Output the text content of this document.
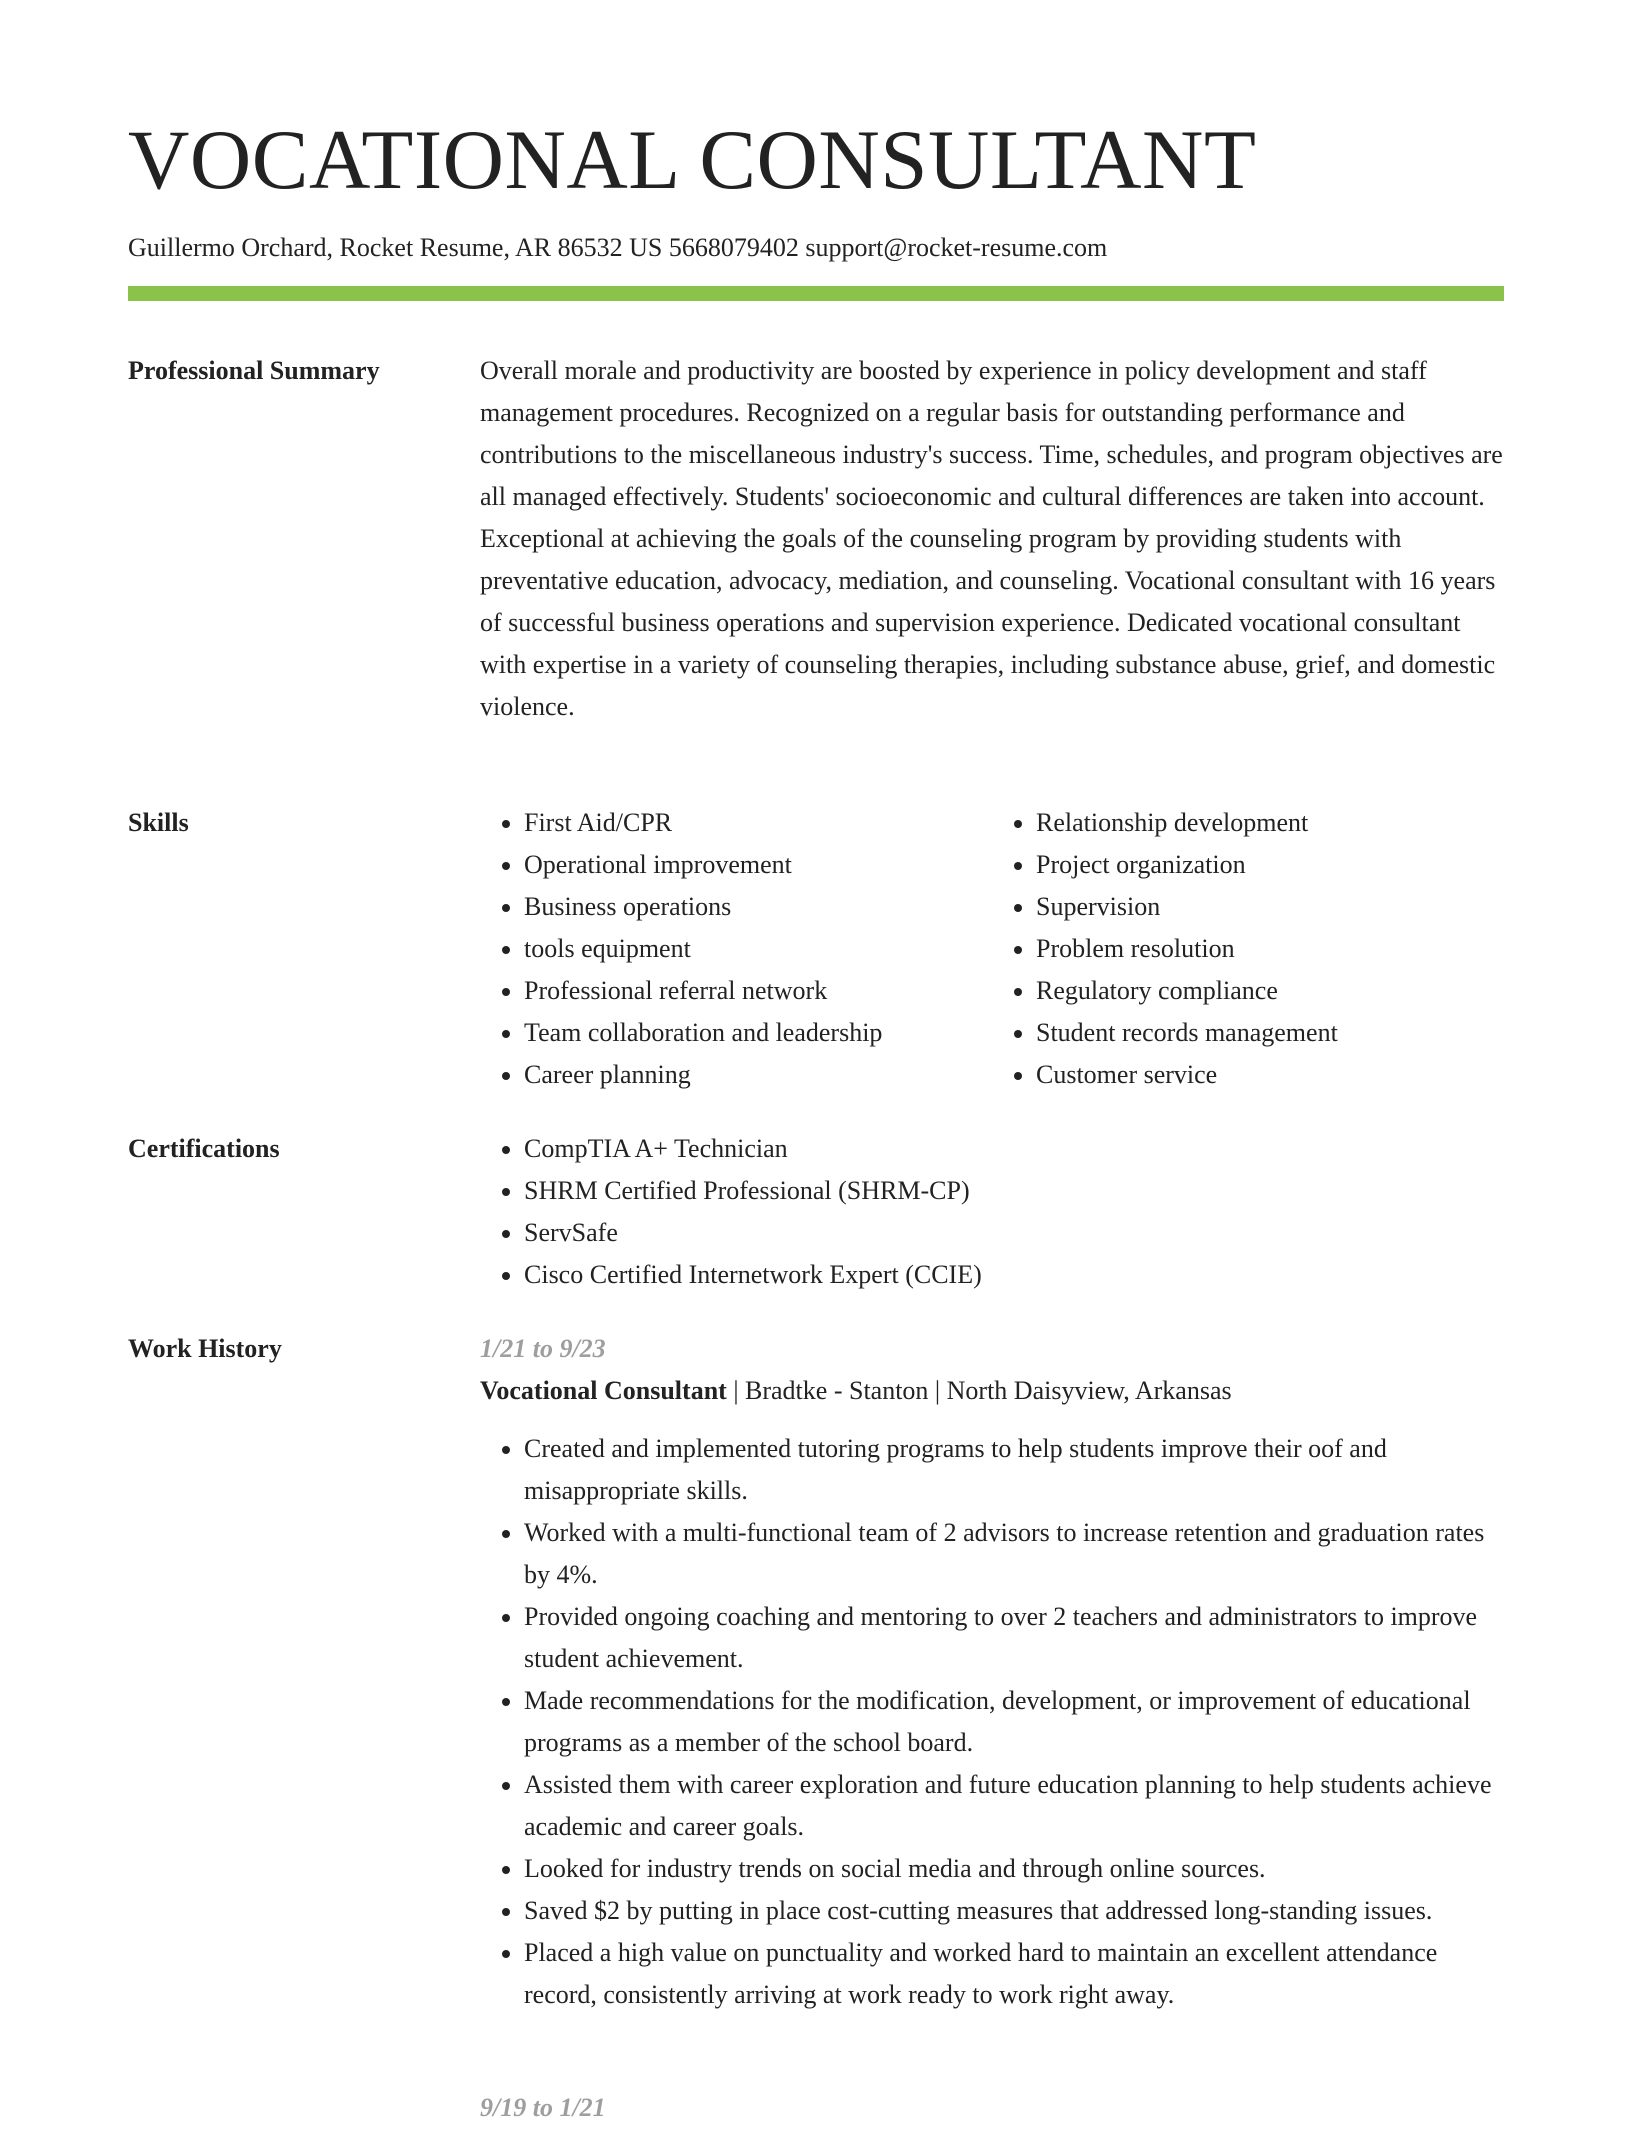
VOCATIONAL CONSULTANT
Guillermo Orchard, Rocket Resume, AR 86532 US 5668079402 support@rocket-resume.com
Professional Summary	Overall morale and productivity are boosted by experience in policy development and staff management procedures. Recognized on a regular basis for outstanding performance and contributions to the miscellaneous industry's success. Time, schedules, and program objectives are all managed effectively. Students' socioeconomic and cultural differences are taken into account. Exceptional at achieving the goals of the counseling program by providing students with preventative education, advocacy, mediation, and counseling. Vocational consultant with 16 years of successful business operations and supervision experience. Dedicated vocational consultant with expertise in a variety of counseling therapies, including substance abuse, grief, and domestic violence.

Skills	• First Aid/CPR
• Operational improvement
• Business operations
• tools equipment
• Professional referral network
• Team collaboration and leadership
• Career planning
• Relationship development
• Project organization
• Supervision
• Problem resolution
• Regulatory compliance
• Student records management
• Customer service
Certifications	• CompTIA A+ Technician
• SHRM Certified Professional (SHRM-CP)
• ServSafe
• Cisco Certified Internetwork Expert (CCIE)
Work History	1/21 to 9/23
Vocational Consultant | Bradtke - Stanton | North Daisyview, Arkansas
• Created and implemented tutoring programs to help students improve their oof and misappropriate skills.
• Worked with a multi-functional team of 2 advisors to increase retention and graduation rates by 4%.
• Provided ongoing coaching and mentoring to over 2 teachers and administrators to improve student achievement.
• Made recommendations for the modification, development, or improvement of educational programs as a member of the school board.
• Assisted them with career exploration and future education planning to help students achieve academic and career goals.
• Looked for industry trends on social media and through online sources.
• Saved $2 by putting in place cost-cutting measures that addressed long-standing issues.
• Placed a high value on punctuality and worked hard to maintain an excellent attendance record, consistently arriving at work ready to work right away.
9/19 to 1/21
